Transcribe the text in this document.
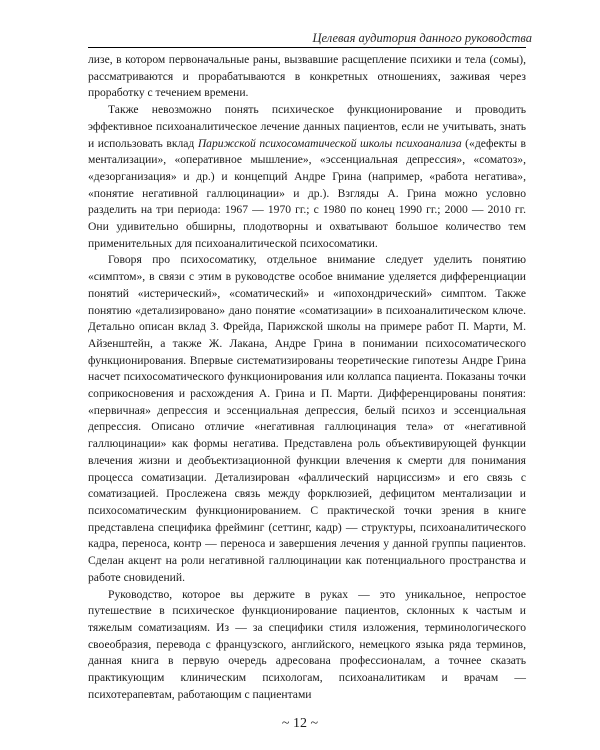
Целевая аудитория данного руководства

лизе, в котором первоначальные раны, вызвавшие расщепление психики и тела (сомы), рассматриваются и прорабатываются в конкретных отношениях, заживая через проработку с течением времени.

Также невозможно понять психическое функционирование и проводить эффективное психоаналитическое лечение данных пациентов, если не учитывать, знать и использовать вклад Парижской психосоматической школы психоанализа («дефекты в ментализации», «оперативное мышление», «эссенциальная депрессия», «соматоз», «дезорганизация» и др.) и концепций Андре Грина (например, «работа негатива», «понятие негативной галлюцинации» и др.). Взгляды А. Грина можно условно разделить на три периода: 1967 — 1970 гг.; с 1980 по конец 1990 гг.; 2000 — 2010 гг. Они удивительно обширны, плодотворны и охватывают большое количество тем применительных для психоаналитической психосоматики.

Говоря про психосоматику, отдельное внимание следует уделить понятию «симптом», в связи с этим в руководстве особое внимание уделяется дифференциации понятий «истерический», «соматический» и «ипохондрический» симптом. Также понятию «детализировано» дано понятие «соматизации» в психоаналитическом ключе. Детально описан вклад З. Фрейда, Парижской школы на примере работ П. Марти, М. Айзенштейн, а также Ж. Лакана, Андре Грина в понимании психосоматического функционирования. Впервые систематизированы теоретические гипотезы Андре Грина насчет психосоматического функционирования или коллапса пациента. Показаны точки соприкосновения и расхождения А. Грина и П. Марти. Дифференцированы понятия: «первичная» депрессия и эссенциальная депрессия, белый психоз и эссенциальная депрессия. Описано отличие «негативная галлюцинация тела» от «негативной галлюцинации» как формы негатива. Представлена роль объективирующей функции влечения жизни и деобъектизационной функции влечения к смерти для понимания процесса соматизации. Детализирован «фаллический нарциссизм» и его связь с соматизацией. Прослежена связь между форклюзией, дефицитом ментализации и психосоматическим функционированием. С практической точки зрения в книге представлена специфика фрейминг (сеттинг, кадр) — структуры, психоаналитического кадра, переноса, контр — переноса и завершения лечения у данной группы пациентов. Сделан акцент на роли негативной галлюцинации как потенциального пространства и работе сновидений.

Руководство, которое вы держите в руках — это уникальное, непростое путешествие в психическое функционирование пациентов, склонных к частым и тяжелым соматизациям. Из — за специфики стиля изложения, терминологического своеобразия, перевода с французского, английского, немецкого языка ряда терминов, данная книга в первую очередь адресована профессионалам, а точнее сказать практикующим клиническим психологам, психоаналитикам и врачам — психотерапевтам, работающим с пациентами

~ 12 ~
